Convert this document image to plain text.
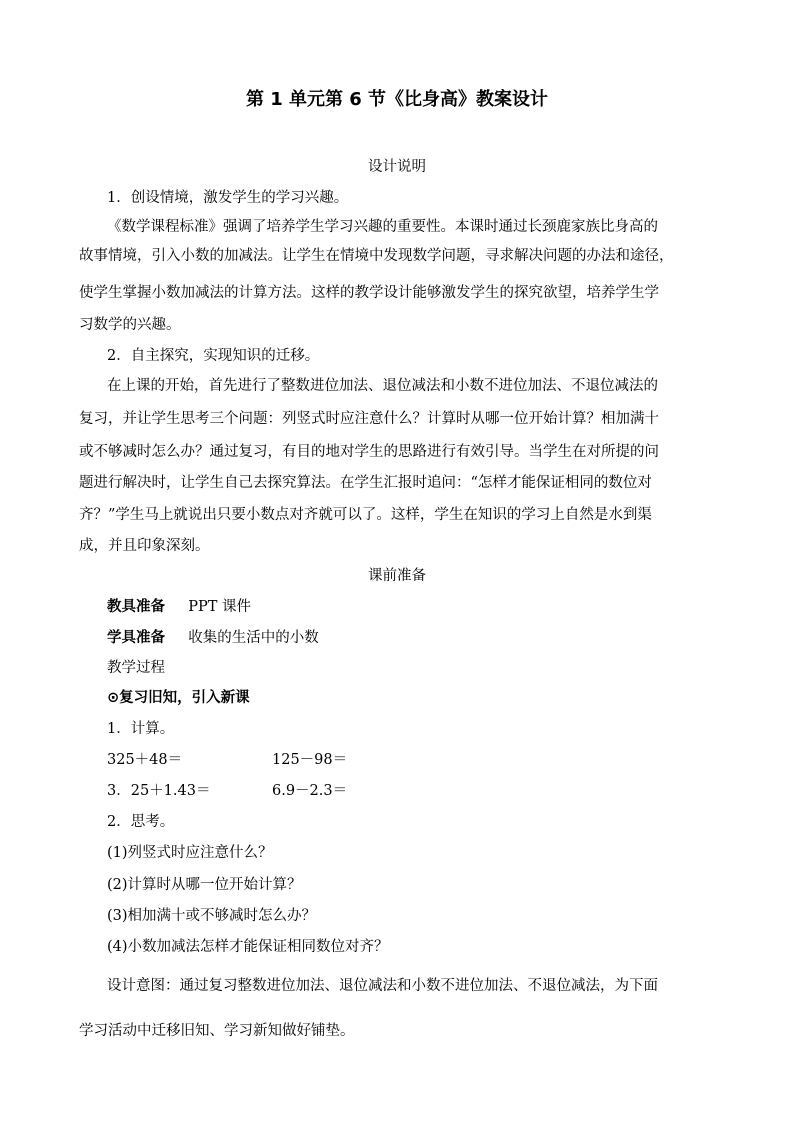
第 1 单元第 6 节《比身高》教案设计
设计说明
1．创设情境，激发学生的学习兴趣。
《数学课程标准》强调了培养学生学习兴趣的重要性。本课时通过长颈鹿家族比身高的
故事情境，引入小数的加减法。让学生在情境中发现数学问题，寻求解决问题的办法和途径，
使学生掌握小数加减法的计算方法。这样的教学设计能够激发学生的探究欲望，培养学生学
习数学的兴趣。
2．自主探究，实现知识的迁移。
在上课的开始，首先进行了整数进位加法、退位减法和小数不进位加法、不退位减法的
复习，并让学生思考三个问题：列竖式时应注意什么？计算时从哪一位开始计算？相加满十
或不够减时怎么办？通过复习，有目的地对学生的思路进行有效引导。当学生在对所提的问
题进行解决时，让学生自己去探究算法。在学生汇报时追问：“怎样才能保证相同的数位对
齐？”学生马上就说出只要小数点对齐就可以了。这样，学生在知识的学习上自然是水到渠
成，并且印象深刻。
课前准备
教具准备 PPT 课件
学具准备 收集的生活中的小数
教学过程
⊙复习旧知，引入新课
1．计算。
325＋48＝	125－98＝
3．25＋1.43＝	6.9－2.3＝
2．思考。
(1)列竖式时应注意什么？
(2)计算时从哪一位开始计算？
(3)相加满十或不够减时怎么办？
(4)小数加减法怎样才能保证相同数位对齐？
设计意图：通过复习整数进位加法、退位减法和小数不进位加法、不退位减法，为下面
学习活动中迁移旧知、学习新知做好铺垫。
